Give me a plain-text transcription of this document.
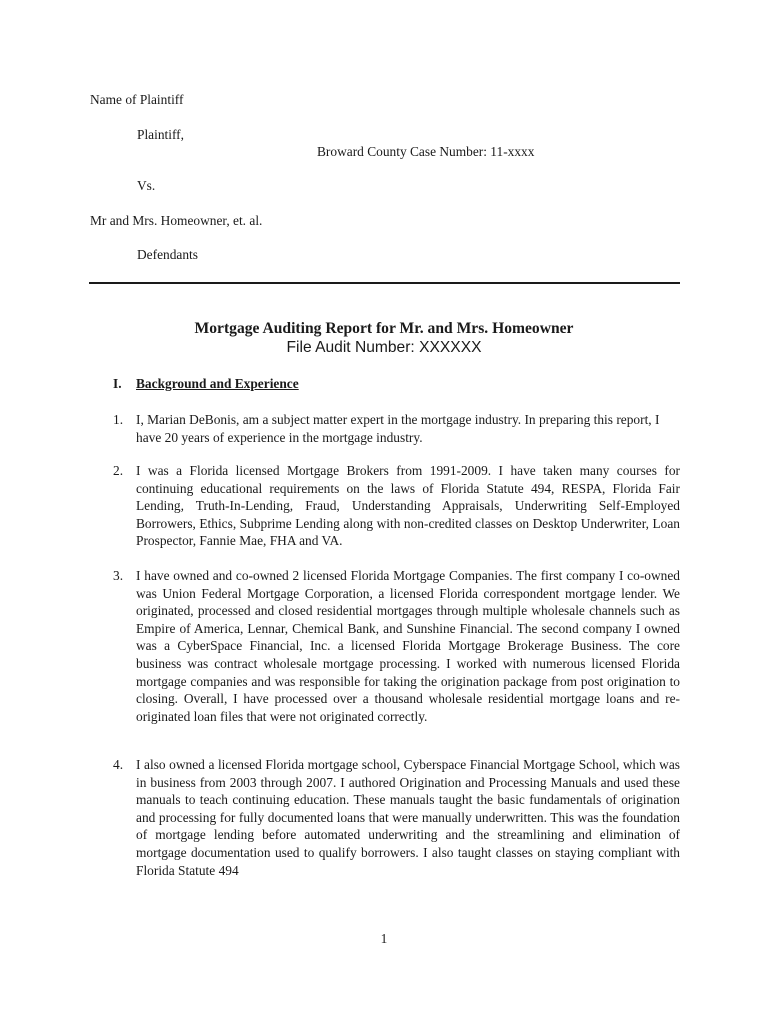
Name of Plaintiff
Plaintiff,
Broward County Case Number: 11-xxxx
Vs.
Mr and Mrs. Homeowner, et. al.
Defendants
Mortgage Auditing Report for Mr. and Mrs. Homeowner
File Audit Number: XXXXXX
I. Background and Experience
1. I, Marian DeBonis, am a subject matter expert in the mortgage industry. In preparing this report, I have 20 years of experience in the mortgage industry.
2. I was a Florida licensed Mortgage Brokers from 1991-2009. I have taken many courses for continuing educational requirements on the laws of Florida Statute 494, RESPA, Florida Fair Lending, Truth-In-Lending, Fraud, Understanding Appraisals, Underwriting Self-Employed Borrowers, Ethics, Subprime Lending along with non-credited classes on Desktop Underwriter, Loan Prospector, Fannie Mae, FHA and VA.
3. I have owned and co-owned 2 licensed Florida Mortgage Companies. The first company I co-owned was Union Federal Mortgage Corporation, a licensed Florida correspondent mortgage lender. We originated, processed and closed residential mortgages through multiple wholesale channels such as Empire of America, Lennar, Chemical Bank, and Sunshine Financial. The second company I owned was a CyberSpace Financial, Inc. a licensed Florida Mortgage Brokerage Business. The core business was contract wholesale mortgage processing. I worked with numerous licensed Florida mortgage companies and was responsible for taking the origination package from post origination to closing. Overall, I have processed over a thousand wholesale residential mortgage loans and re-originated loan files that were not originated correctly.
4. I also owned a licensed Florida mortgage school, Cyberspace Financial Mortgage School, which was in business from 2003 through 2007. I authored Origination and Processing Manuals and used these manuals to teach continuing education. These manuals taught the basic fundamentals of origination and processing for fully documented loans that were manually underwritten. This was the foundation of mortgage lending before automated underwriting and the streamlining and elimination of mortgage documentation used to qualify borrowers. I also taught classes on staying compliant with Florida Statute 494
1
